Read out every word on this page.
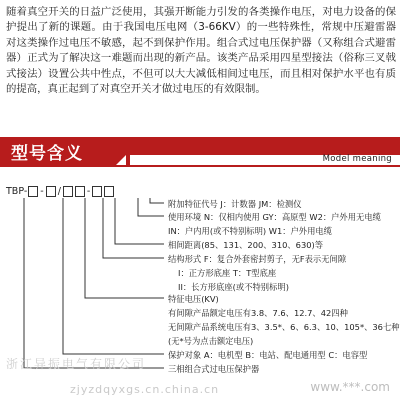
随着真空开关的日益广泛使用，其强开断能力引发的各类操作电压，对电力设备的保护提出了新的课题。由于我国电压电网（3-66KV）的一些特殊性，常规中压避雷器对这类操作过电压不敏感，起不到保护作用。组合式过电压保护器（又称组合式避雷器）正式为了解决这一难题而出现的新产品。该类产品采用四星型接法（俗称三叉戟式接法）设置公共中性点，不但可以大大减低相间过电压，而且相对保护水平也有质的提高，真正起到了对真空开关才做过电压的有效限制。

型号含义	Model meaning
TBP- - /	-
附加特征代号 J：计数器 JM：检测仪
使用环境 N：仅相内使用 GY：高原型 W2：户外用无电缆
IN：户内用(或不特别标明) W1：户外用电缆
相间距离(85、131、200、310、630)等
结构形式 F：复合外套密封剪子，无F表示无间隙
I：正方形底座 T：T型底座
II：长方形底座(或不特别标明)
特征电压(KV)
有间隙产品额定电压有3.8、7.6、12.7、42四种
无间隙产品系统电压有3、3.5*、6、6.3、10、105*、36七种
(无*号为点击额定电压)
保护对象 A：电机型 B：电站、配电通用型 C：电容型
三相组合式过电压保护器
浙江异振电气有限公司
zjyzdqyxgs.cn.china.cn	www.***.com
